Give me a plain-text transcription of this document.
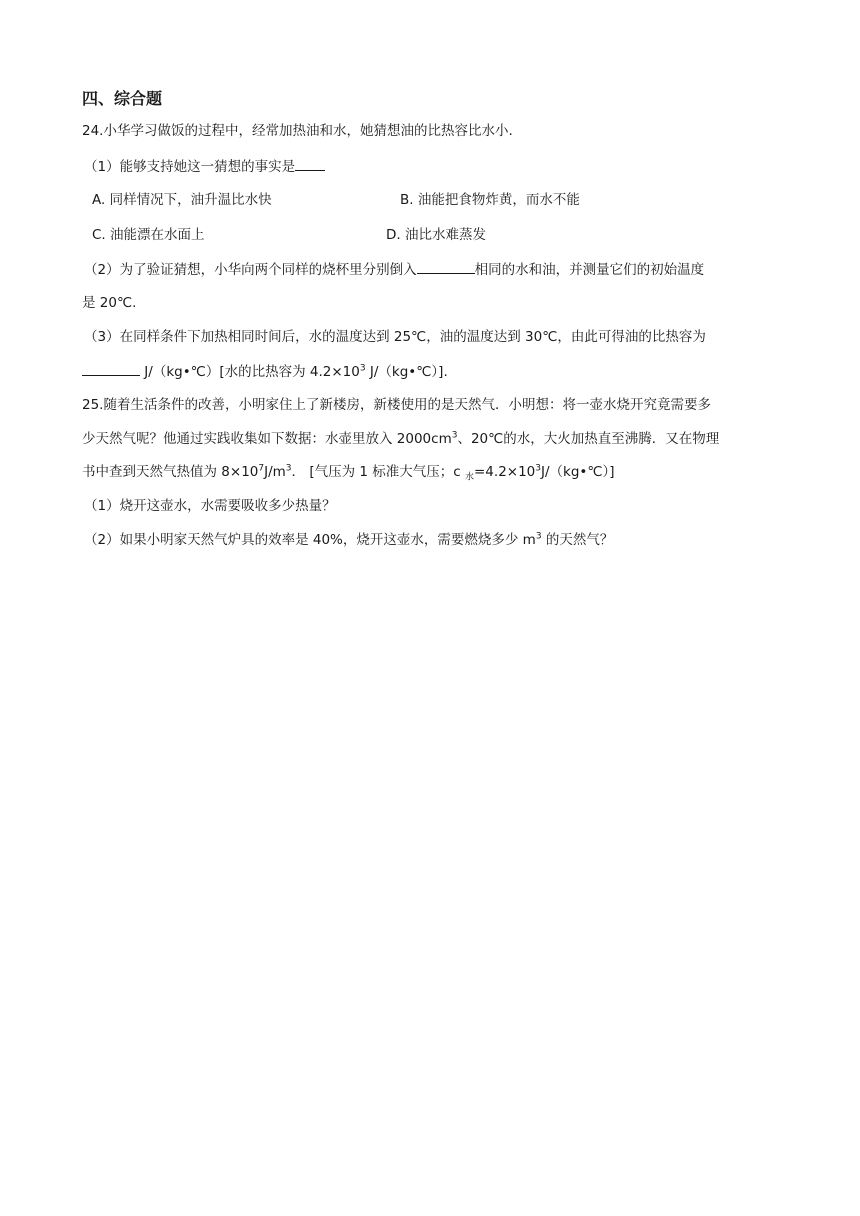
四、综合题
24.小华学习做饭的过程中，经常加热油和水，她猜想油的比热容比水小.
（1）能够支持她这一猜想的事实是
A. 同样情况下，油升温比水快	B. 油能把食物炸黄，而水不能
C. 油能漂在水面上	D. 油比水难蒸发
（2）为了验证猜想，小华向两个同样的烧杯里分别倒入	相同的水和油，并测量它们的初始温度
是 20℃.
（3）在同样条件下加热相同时间后，水的温度达到 25℃，油的温度达到 30℃，由此可得油的比热容为
J/（kg•℃）[水的比热容为 $4.2\times 10^3$ J/（kg•℃）].
25.随着生活条件的改善，小明家住上了新楼房，新楼使用的是天然气．小明想：将一壶水烧开究竟需要多
少天然气呢？他通过实践收集如下数据：水壶里放入 $2000cm^3$、20℃的水，大火加热直至沸腾．又在物理
书中查到天然气热值为 $8\times 10^7J/m^3$． [气压为 1 标准大气压；c $_水=4.2\times 10^3J/(kg•℃)$]
（1）烧开这壶水，水需要吸收多少热量？
（2）如果小明家天然气炉具的效率是 40%，烧开这壶水，需要燃烧多少 $m^3$ 的天然气？
